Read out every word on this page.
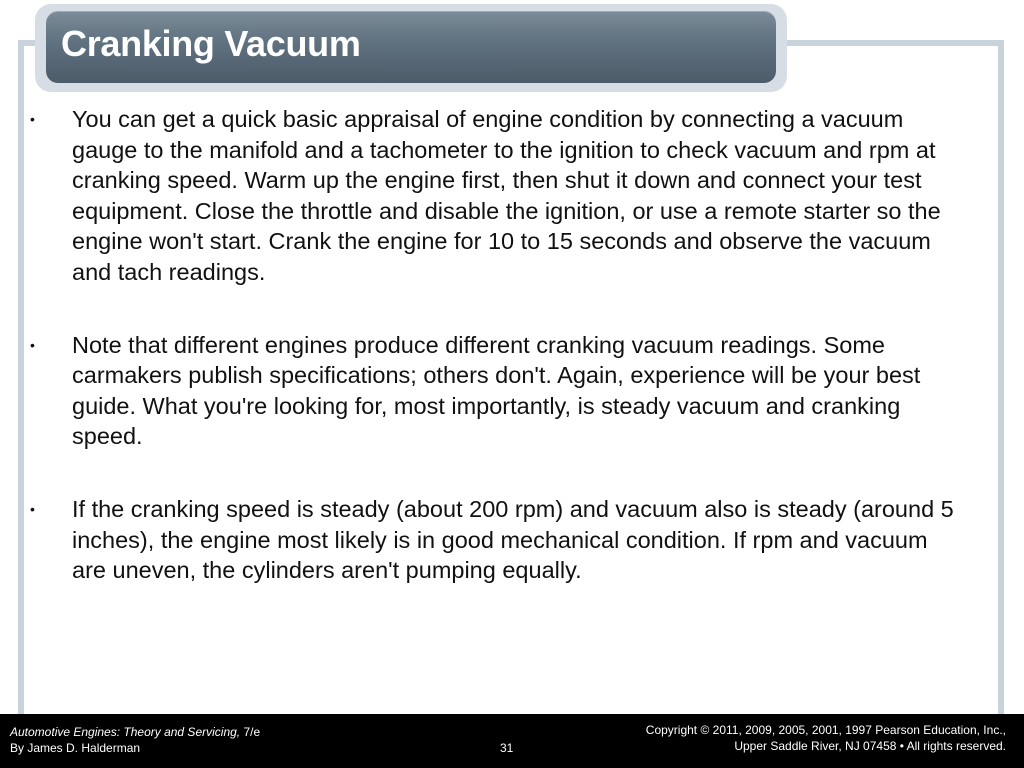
Cranking Vacuum
• You can get a quick basic appraisal of engine condition by connecting a vacuum gauge to the manifold and a tachometer to the ignition to check vacuum and rpm at cranking speed. Warm up the engine first, then shut it down and connect your test equipment. Close the throttle and disable the ignition, or use a remote starter so the engine won't start. Crank the engine for 10 to 15 seconds and observe the vacuum and tach readings.
• Note that different engines produce different cranking vacuum readings. Some carmakers publish specifications; others don't. Again, experience will be your best guide. What you're looking for, most importantly, is steady vacuum and cranking speed.
• If the cranking speed is steady (about 200 rpm) and vacuum also is steady (around 5 inches), the engine most likely is in good mechanical condition. If rpm and vacuum are uneven, the cylinders aren't pumping equally.
Automotive Engines: Theory and Servicing, 7/e
By James D. Halderman	31
Copyright © 2011, 2009, 2005, 2001, 1997 Pearson Education, Inc.,
Upper Saddle River, NJ 07458 • All rights reserved.
